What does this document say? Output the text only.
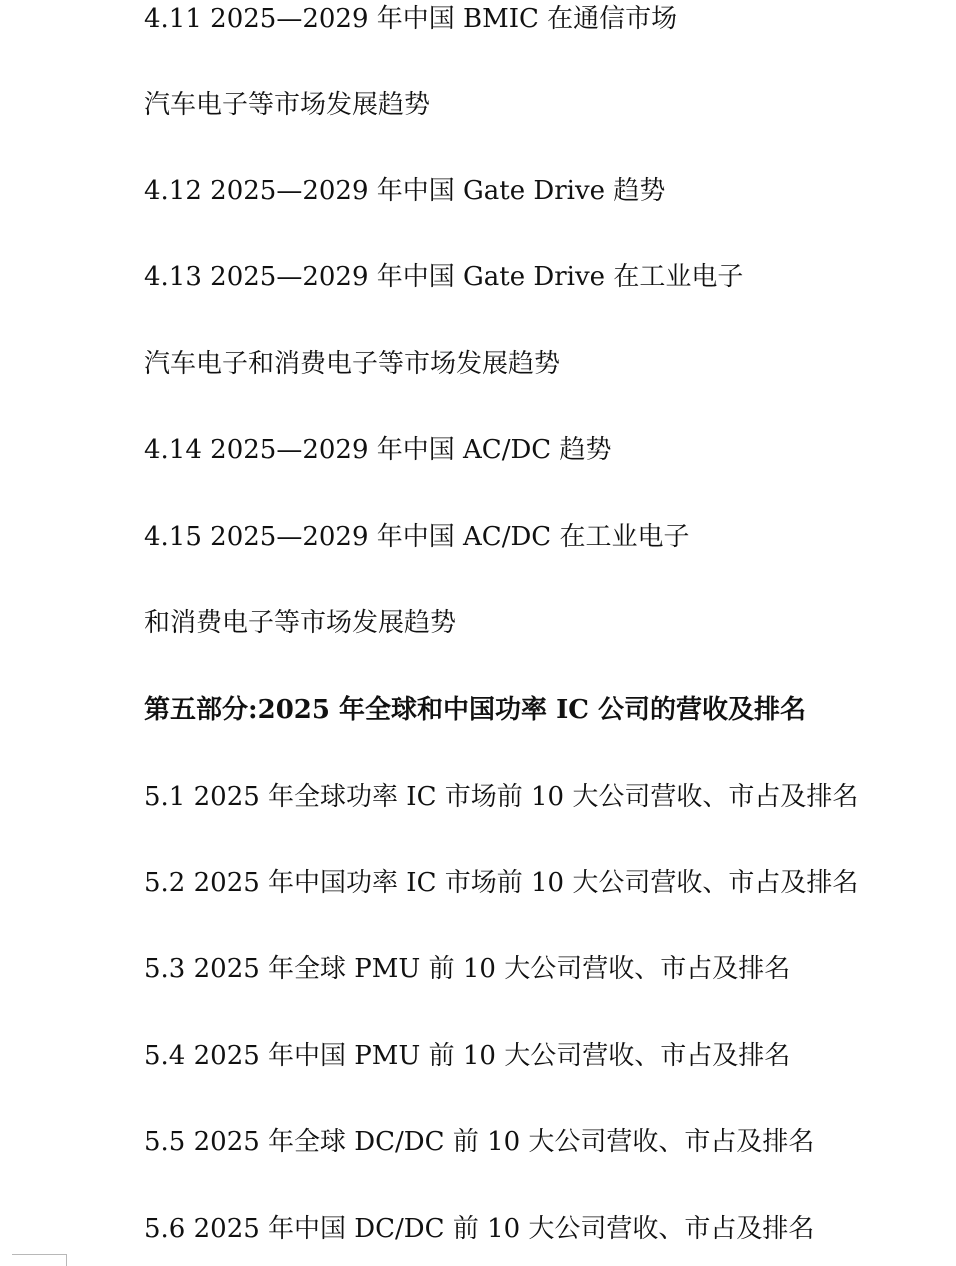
4.11 2025—2029 年中国 BMIC 在通信市场
汽车电子等市场发展趋势
4.12 2025—2029 年中国 Gate Drive 趋势
4.13 2025—2029 年中国 Gate Drive 在工业电子
汽车电子和消费电子等市场发展趋势
4.14 2025—2029 年中国 AC/DC 趋势
4.15 2025—2029 年中国 AC/DC 在工业电子
和消费电子等市场发展趋势
第五部分:2025 年全球和中国功率 IC 公司的营收及排名
5.1 2025 年全球功率 IC 市场前 10 大公司营收、市占及排名
5.2 2025 年中国功率 IC 市场前 10 大公司营收、市占及排名
5.3 2025 年全球 PMU 前 10 大公司营收、市占及排名
5.4 2025 年中国 PMU 前 10 大公司营收、市占及排名
5.5 2025 年全球 DC/DC 前 10 大公司营收、市占及排名
5.6 2025 年中国 DC/DC 前 10 大公司营收、市占及排名
